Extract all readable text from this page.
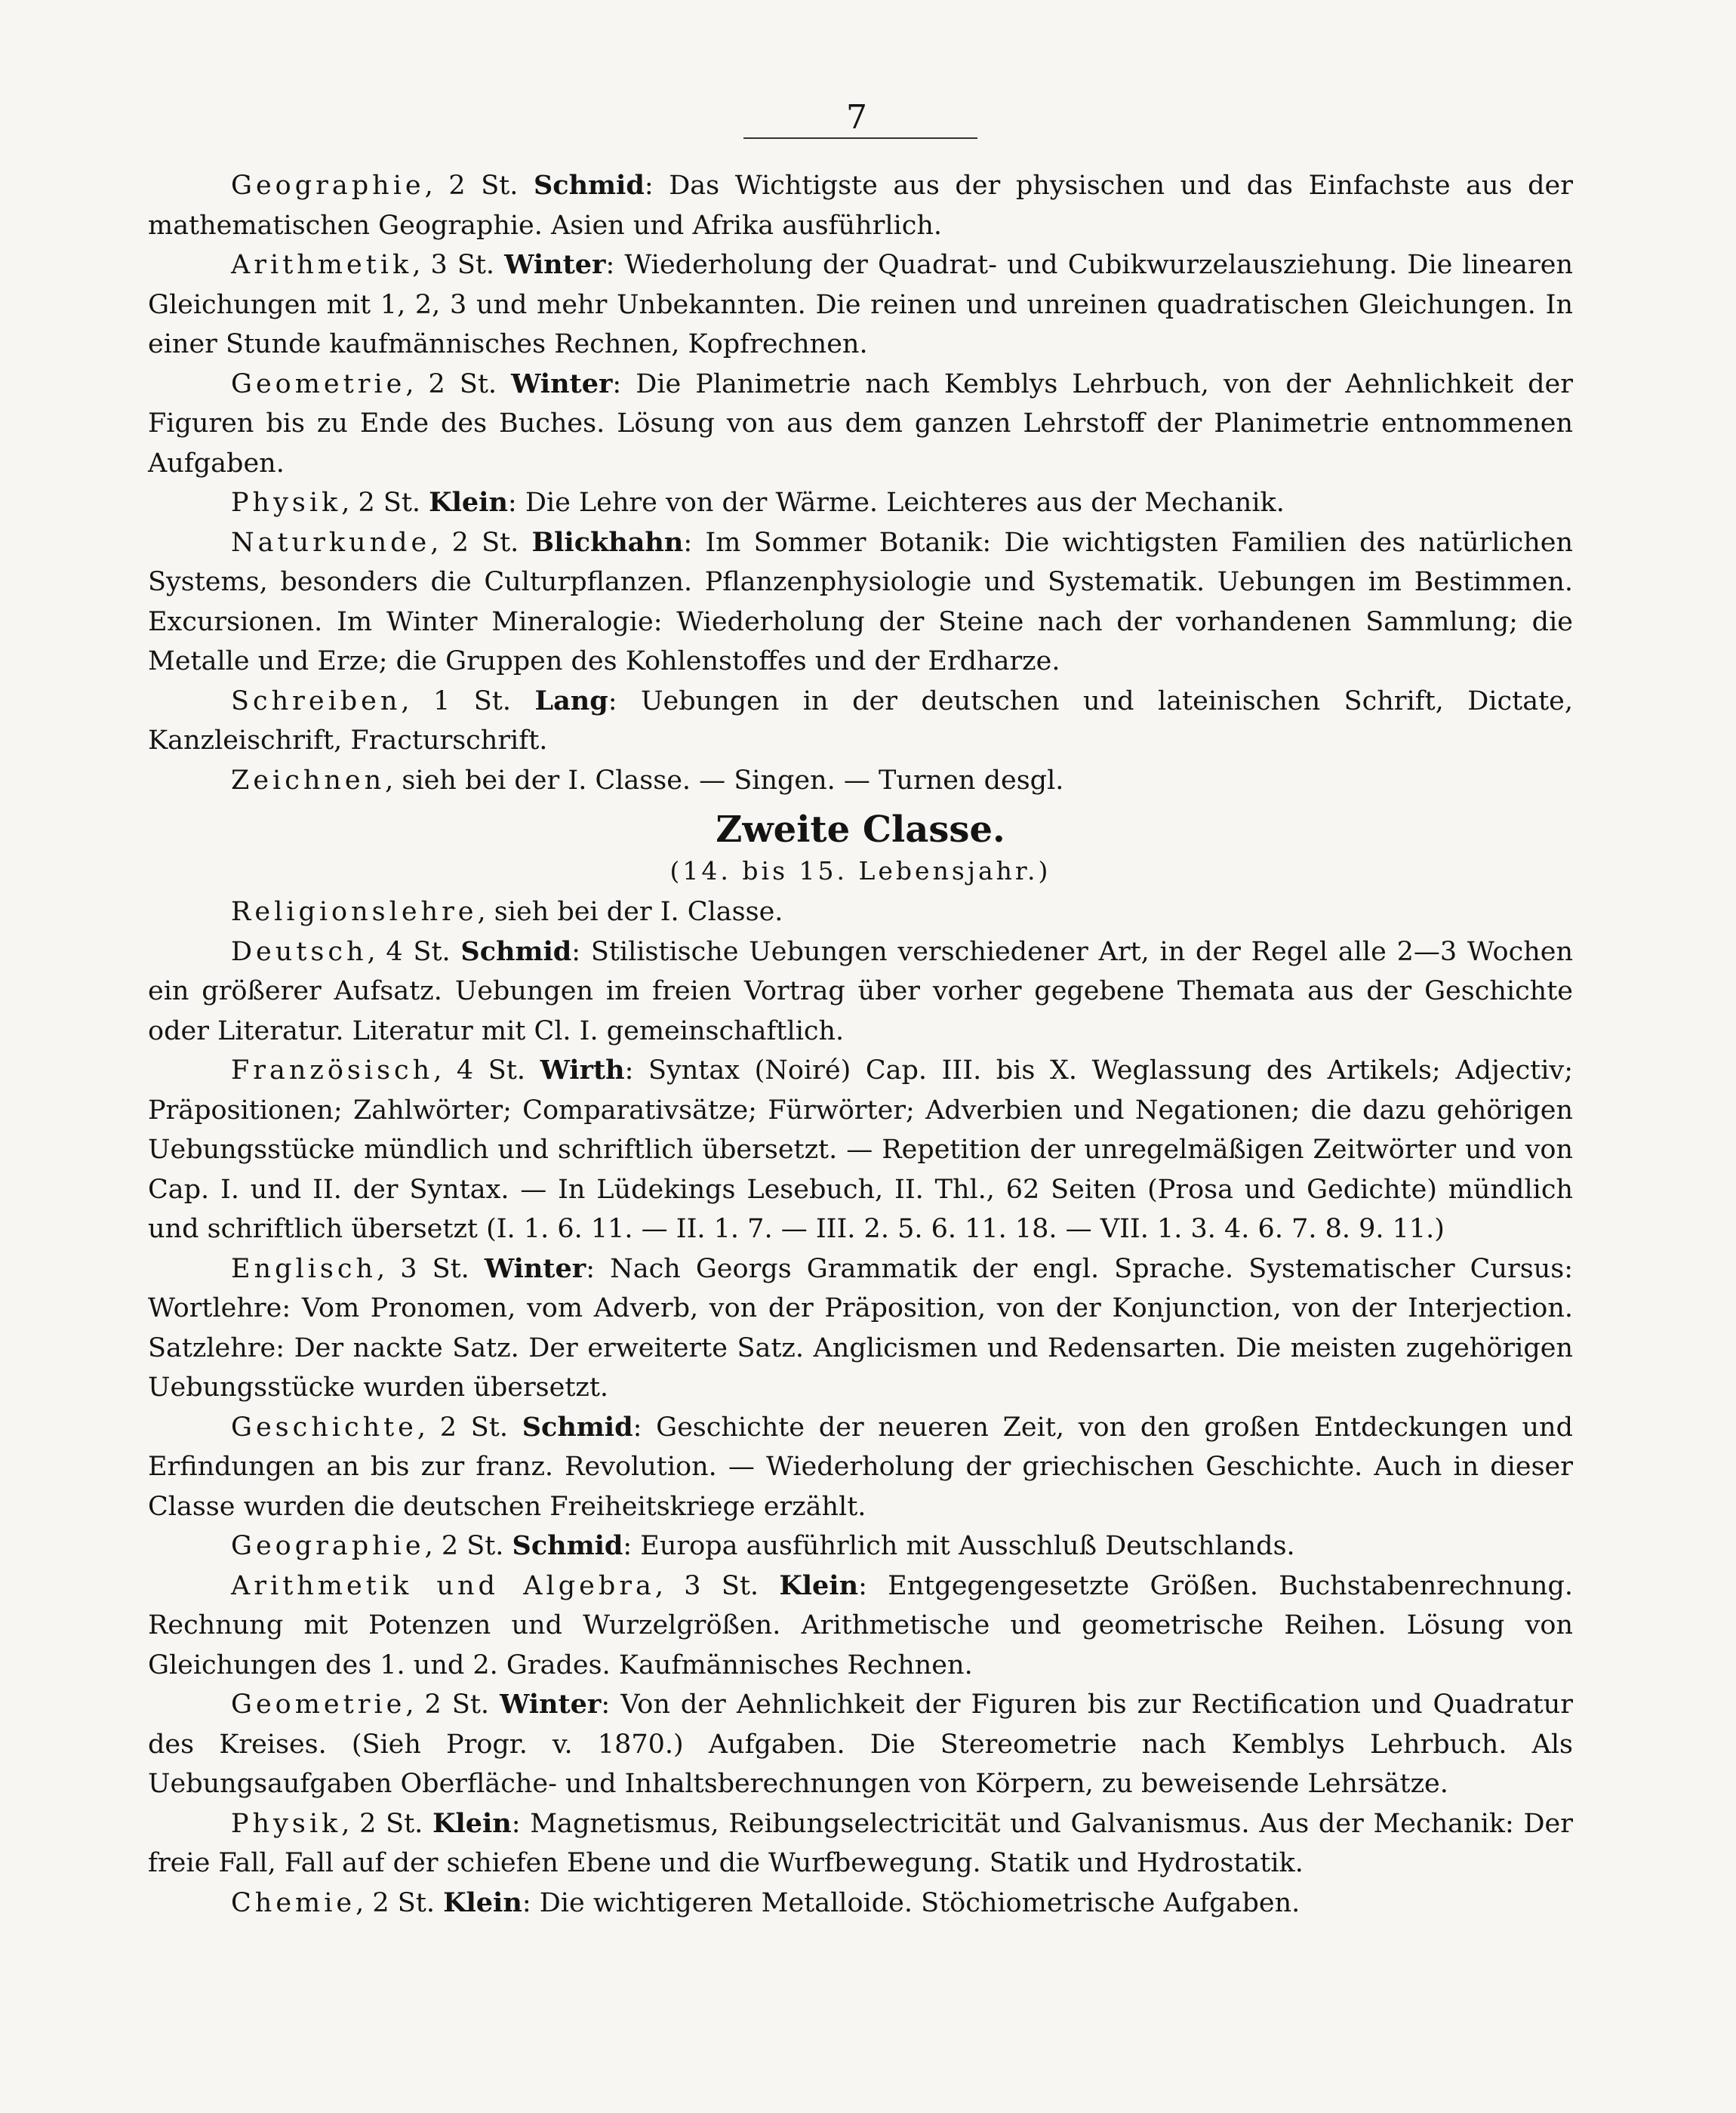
7

Geographie, 2 St. Schmid: Das Wichtigste aus der physischen und das Einfachste aus der mathematischen Geographie. Asien und Afrika ausführlich.

Arithmetik, 3 St. Winter: Wiederholung der Quadrat- und Cubikwurzelausziehung. Die linearen Gleichungen mit 1, 2, 3 und mehr Unbekannten. Die reinen und unreinen quadratischen Gleichungen. In einer Stunde kaufmännisches Rechnen, Kopfrechnen.

Geometrie, 2 St. Winter: Die Planimetrie nach Kemblys Lehrbuch, von der Aehnlichkeit der Figuren bis zu Ende des Buches. Lösung von aus dem ganzen Lehrstoff der Planimetrie entnommenen Aufgaben.

Physik, 2 St. Klein: Die Lehre von der Wärme. Leichteres aus der Mechanik.

Naturkunde, 2 St. Blickhahn: Im Sommer Botanik: Die wichtigsten Familien des natürlichen Systems, besonders die Culturpflanzen. Pflanzenphysiologie und Systematik. Uebungen im Bestimmen. Excursionen. Im Winter Mineralogie: Wiederholung der Steine nach der vorhandenen Sammlung; die Metalle und Erze; die Gruppen des Kohlenstoffes und der Erdharze.

Schreiben, 1 St. Lang: Uebungen in der deutschen und lateinischen Schrift, Dictate, Kanzleischrift, Fracturschrift.

Zeichnen, sieh bei der I. Classe. — Singen. — Turnen desgl.

Zweite Classe.
(14. bis 15. Lebensjahr.)

Religionslehre, sieh bei der I. Classe.

Deutsch, 4 St. Schmid: Stilistische Uebungen verschiedener Art, in der Regel alle 2—3 Wochen ein größerer Aufsatz. Uebungen im freien Vortrag über vorher gegebene Themata aus der Geschichte oder Literatur. Literatur mit Cl. I. gemeinschaftlich.

Französisch, 4 St. Wirth: Syntax (Noiré) Cap. III. bis X. Weglassung des Artikels; Adjectiv; Präpositionen; Zahlwörter; Comparativsätze; Fürwörter; Adverbien und Negationen; die dazu gehörigen Uebungsstücke mündlich und schriftlich übersetzt. — Repetition der unregelmäßigen Zeitwörter und von Cap. I. und II. der Syntax. — In Lüdekings Lesebuch, II. Thl., 62 Seiten (Prosa und Gedichte) mündlich und schriftlich übersetzt (I. 1. 6. 11. — II. 1. 7. — III. 2. 5. 6. 11. 18. — VII. 1. 3. 4. 6. 7. 8. 9. 11.)

Englisch, 3 St. Winter: Nach Georgs Grammatik der engl. Sprache. Systematischer Cursus: Wortlehre: Vom Pronomen, vom Adverb, von der Präposition, von der Konjunction, von der Interjection. Satzlehre: Der nackte Satz. Der erweiterte Satz. Anglicismen und Redensarten. Die meisten zugehörigen Uebungsstücke wurden übersetzt.

Geschichte, 2 St. Schmid: Geschichte der neueren Zeit, von den großen Entdeckungen und Erfindungen an bis zur franz. Revolution. — Wiederholung der griechischen Geschichte. Auch in dieser Classe wurden die deutschen Freiheitskriege erzählt.

Geographie, 2 St. Schmid: Europa ausführlich mit Ausschluß Deutschlands.

Arithmetik und Algebra, 3 St. Klein: Entgegengesetzte Größen. Buchstabenrechnung. Rechnung mit Potenzen und Wurzelgrößen. Arithmetische und geometrische Reihen. Lösung von Gleichungen des 1. und 2. Grades. Kaufmännisches Rechnen.

Geometrie, 2 St. Winter: Von der Aehnlichkeit der Figuren bis zur Rectification und Quadratur des Kreises. (Sieh Progr. v. 1870.) Aufgaben. Die Stereometrie nach Kemblys Lehrbuch. Als Uebungsaufgaben Oberfläche- und Inhaltsberechnungen von Körpern, zu beweisende Lehrsätze.

Physik, 2 St. Klein: Magnetismus, Reibungselectricität und Galvanismus. Aus der Mechanik: Der freie Fall, Fall auf der schiefen Ebene und die Wurfbewegung. Statik und Hydrostatik.

Chemie, 2 St. Klein: Die wichtigeren Metalloide. Stöchiometrische Aufgaben.
